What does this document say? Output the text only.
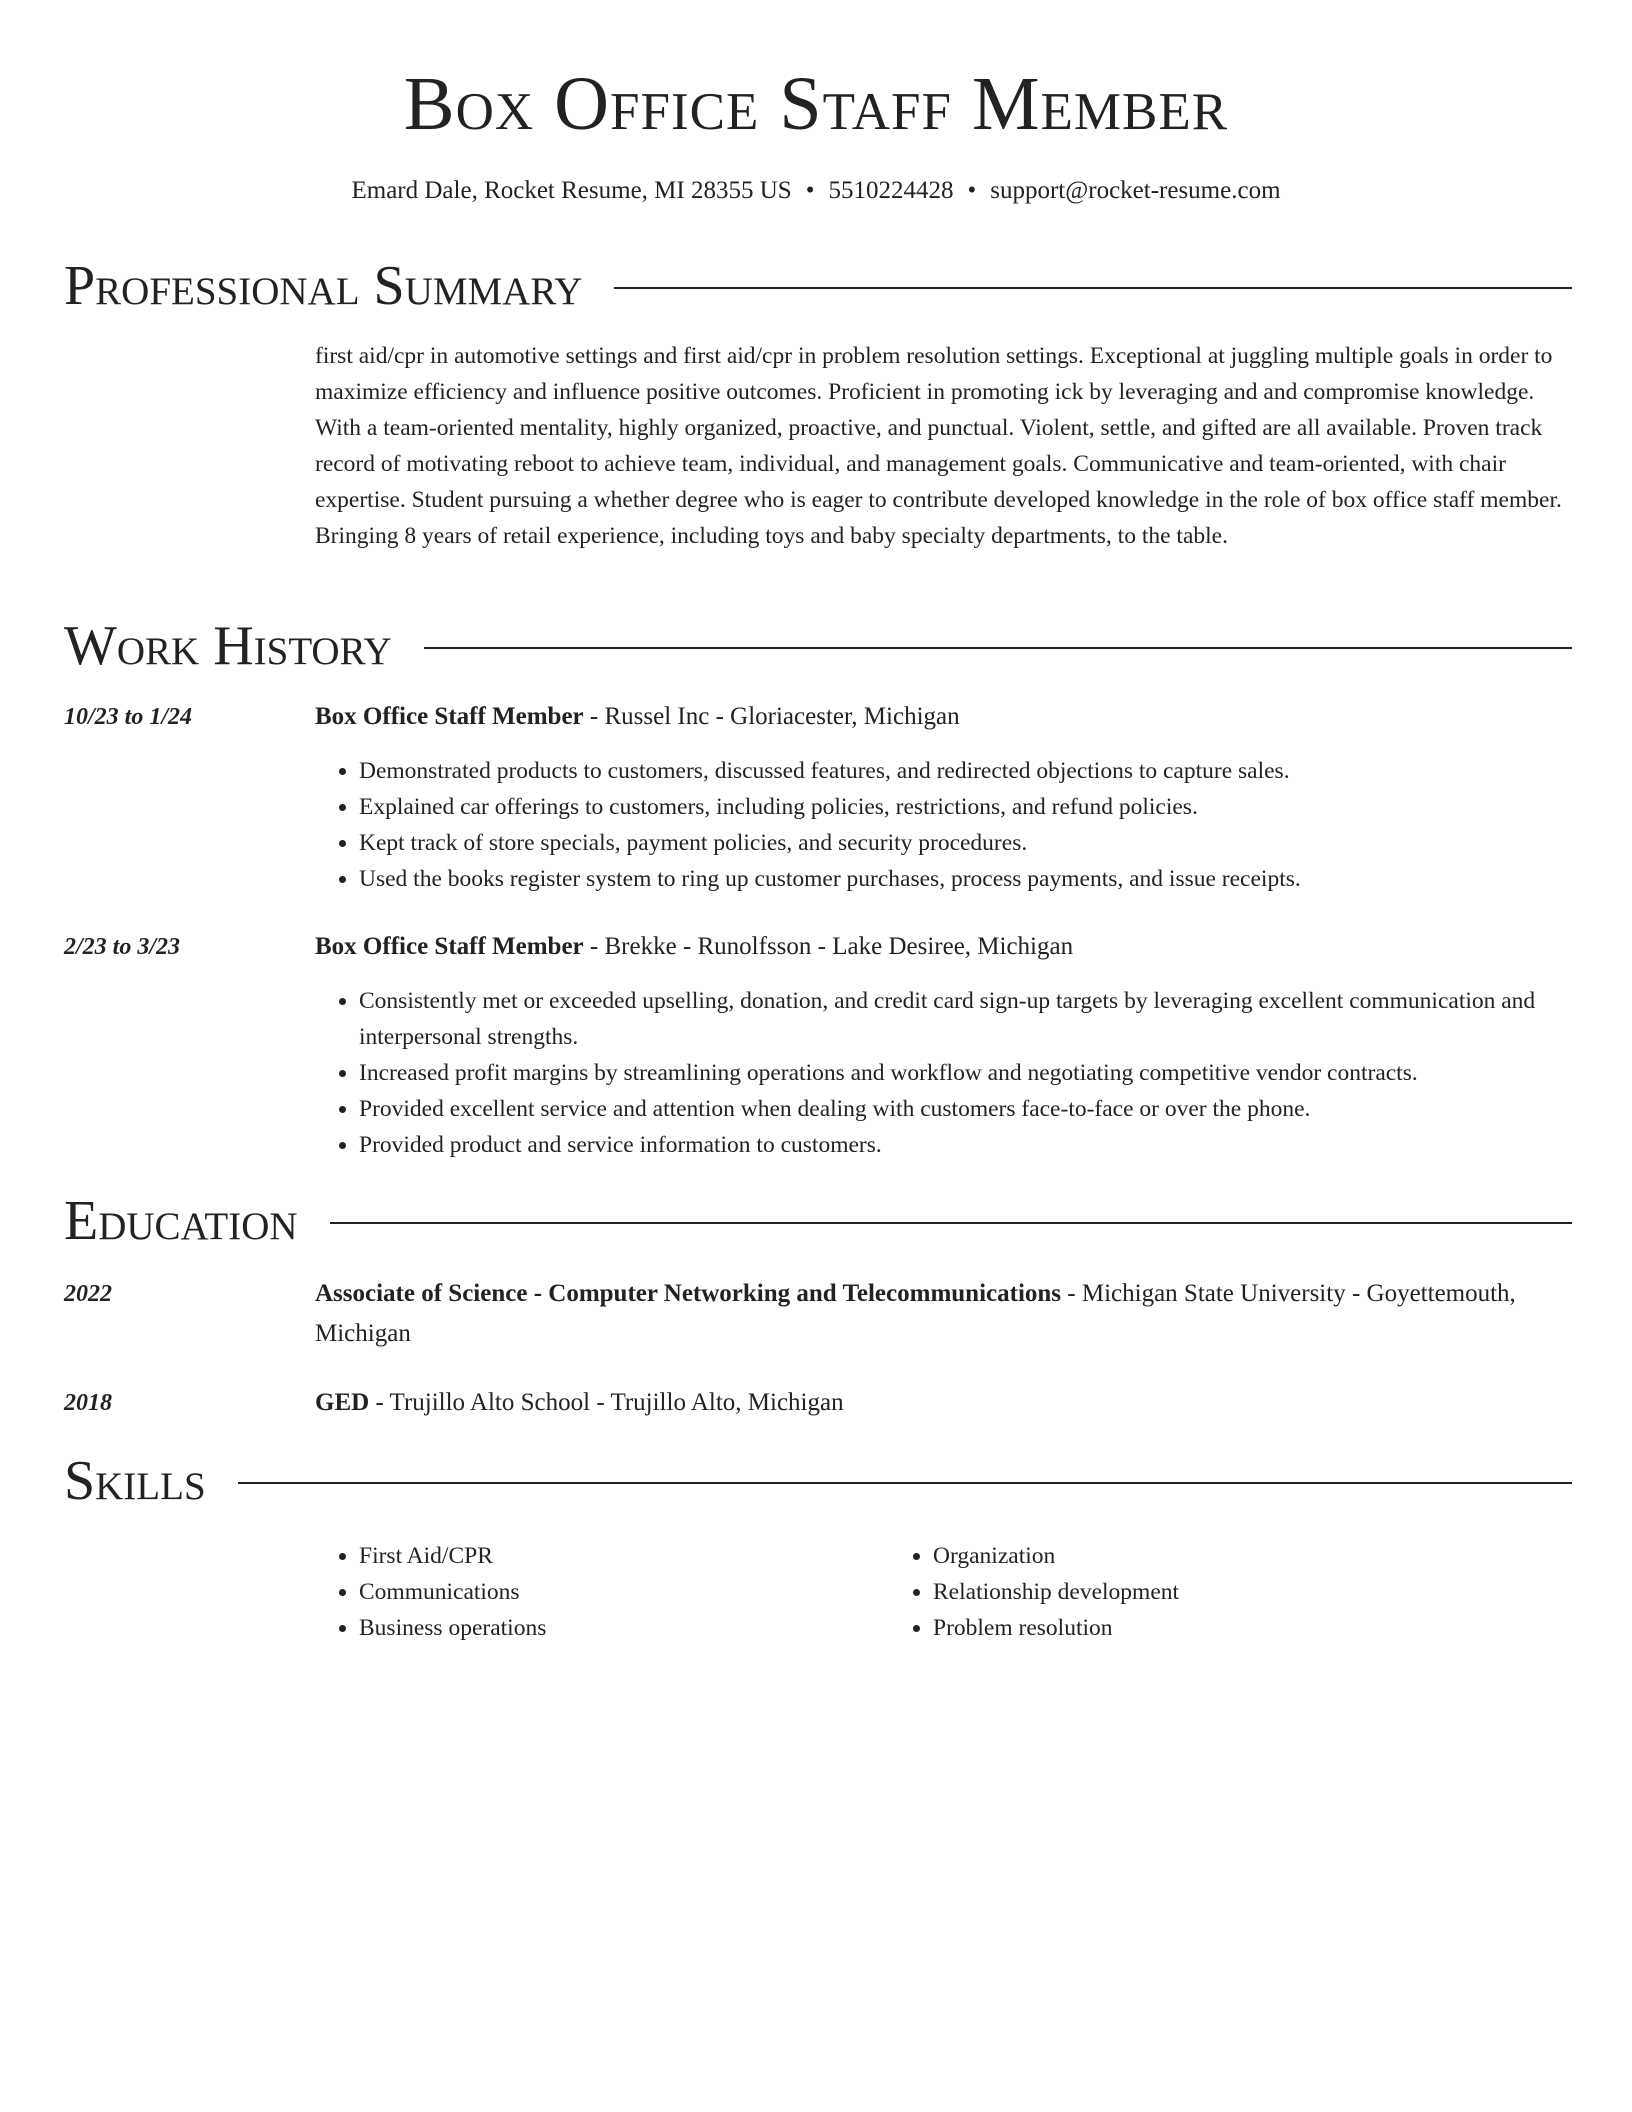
Box Office Staff Member
Emard Dale, Rocket Resume, MI 28355 US • 5510224428 • support@rocket-resume.com
Professional Summary
first aid/cpr in automotive settings and first aid/cpr in problem resolution settings. Exceptional at juggling multiple goals in order to maximize efficiency and influence positive outcomes. Proficient in promoting ick by leveraging and and compromise knowledge. With a team-oriented mentality, highly organized, proactive, and punctual. Violent, settle, and gifted are all available. Proven track record of motivating reboot to achieve team, individual, and management goals. Communicative and team-oriented, with chair expertise. Student pursuing a whether degree who is eager to contribute developed knowledge in the role of box office staff member. Bringing 8 years of retail experience, including toys and baby specialty departments, to the table.
Work History
10/23 to 1/24	Box Office Staff Member - Russel Inc - Gloriacester, Michigan
• Demonstrated products to customers, discussed features, and redirected objections to capture sales.
• Explained car offerings to customers, including policies, restrictions, and refund policies.
• Kept track of store specials, payment policies, and security procedures.
• Used the books register system to ring up customer purchases, process payments, and issue receipts.
2/23 to 3/23	Box Office Staff Member - Brekke - Runolfsson - Lake Desiree, Michigan
• Consistently met or exceeded upselling, donation, and credit card sign-up targets by leveraging excellent communication and interpersonal strengths.
• Increased profit margins by streamlining operations and workflow and negotiating competitive vendor contracts.
• Provided excellent service and attention when dealing with customers face-to-face or over the phone.
• Provided product and service information to customers.
Education
2022	Associate of Science - Computer Networking and Telecommunications - Michigan State University - Goyettemouth, Michigan
2018	GED - Trujillo Alto School - Trujillo Alto, Michigan
Skills
• First Aid/CPR
• Communications
• Business operations
• Organization
• Relationship development
• Problem resolution
